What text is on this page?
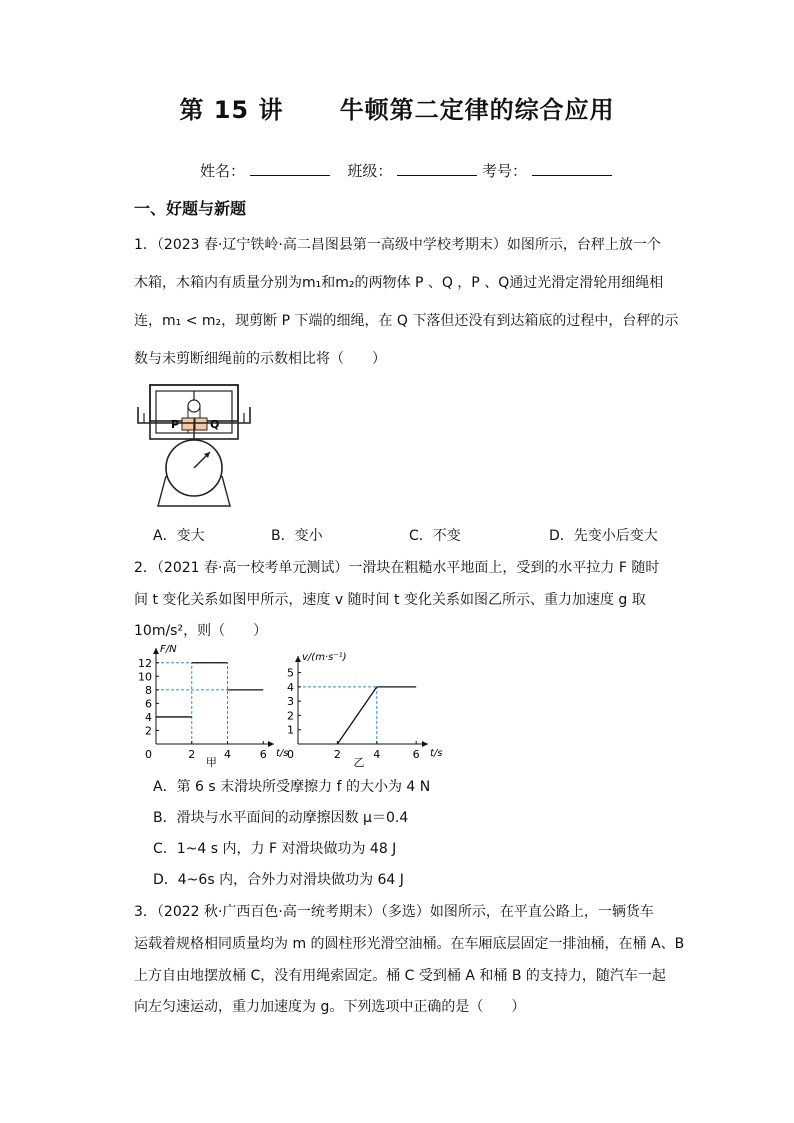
第 15 讲      牛顿第二定律的综合应用
姓名：	班级：	考号：
一、好题与新题
1．（2023 春·辽宁铁岭·高二昌图县第一高级中学校考期末）如图所示，台秤上放一个
木箱，木箱内有质量分别为m₁和m₂的两物体 P 、Q ，P 、Q通过光滑定滑轮用细绳相
连，m₁ < m₂，现剪断 P 下端的细绳，在 Q 下落但还没有到达箱底的过程中，台秤的示
数与未剪断细绳前的示数相比将（　　）
P	Q
A．变大	B．变小	C．不变	D．先变小后变大
2．（2021 春·高一校考单元测试）一滑块在粗糙水平地面上，受到的水平拉力 F 随时
间 t 变化关系如图甲所示，速度 v 随时间 t 变化关系如图乙所示、重力加速度 g 取
10m/s²，则（　　）
2
4
6
8
10
12
0	2	4	6
F/N
t/s
甲
1
2
3
4
5
0	2	4	6
v/(m·s⁻¹)
t/s
乙
A．第 6 s 末滑块所受摩擦力 f 的大小为 4 N
B．滑块与水平面间的动摩擦因数 μ＝0.4
C．1~4 s 内，力 F 对滑块做功为 48 J
D．4~6s 内，合外力对滑块做功为 64 J
3．（2022 秋·广西百色·高一统考期末）（多选）如图所示，在平直公路上，一辆货车
运载着规格相同质量均为 m 的圆柱形光滑空油桶。在车厢底层固定一排油桶，在桶 A、B
上方自由地摆放桶 C，没有用绳索固定。桶 C 受到桶 A 和桶 B 的支持力，随汽车一起
向左匀速运动，重力加速度为 g。下列选项中正确的是（　　）
